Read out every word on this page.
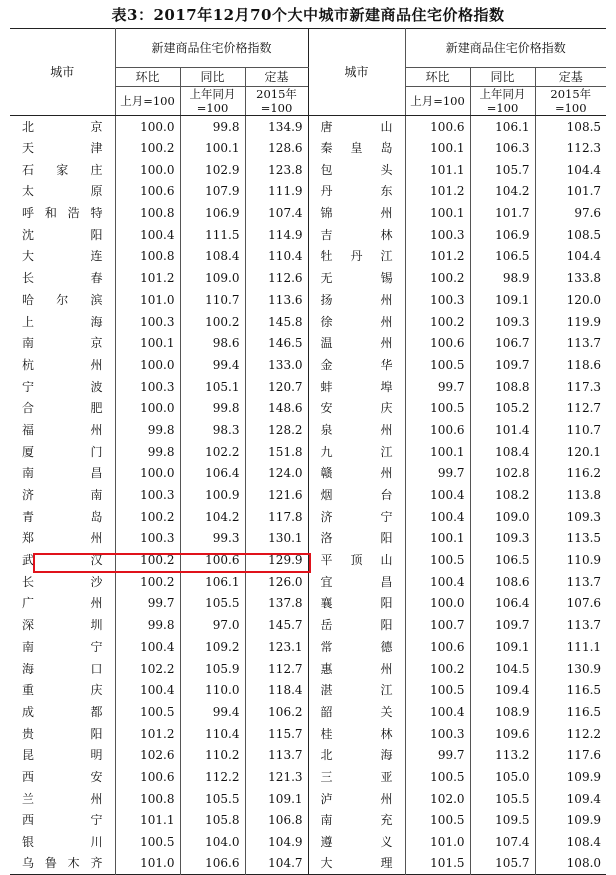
表3：2017年12月70个大中城市新建商品住宅价格指数
城市	新建商品住宅价格指数			城市	新建商品住宅价格指数		
	环比	同比	定基		环比	同比	定基
	上月=100	上年同月=100	2015年=100		上月=100	上年同月=100	2015年=100
北京	100.0	99.8	134.9	唐山	100.6	106.1	108.5
天津	100.2	100.1	128.6	秦皇岛	100.1	106.3	112.3
石家庄	100.0	102.9	123.8	包头	101.1	105.7	104.4
太原	100.6	107.9	111.9	丹东	101.2	104.2	101.7
呼和浩特	100.8	106.9	107.4	锦州	100.1	101.7	97.6
沈阳	100.4	111.5	114.9	吉林	100.3	106.9	108.5
大连	100.8	108.4	110.4	牡丹江	101.2	106.5	104.4
长春	101.2	109.0	112.6	无锡	100.2	98.9	133.8
哈尔滨	101.0	110.7	113.6	扬州	100.3	109.1	120.0
上海	100.3	100.2	145.8	徐州	100.2	109.3	119.9
南京	100.1	98.6	146.5	温州	100.6	106.7	113.7
杭州	100.0	99.4	133.0	金华	100.5	109.7	118.6
宁波	100.3	105.1	120.7	蚌埠	99.7	108.8	117.3
合肥	100.0	99.8	148.6	安庆	100.5	105.2	112.7
福州	99.8	98.3	128.2	泉州	100.6	101.4	110.7
厦门	99.8	102.2	151.8	九江	100.1	108.4	120.1
南昌	100.0	106.4	124.0	赣州	99.7	102.8	116.2
济南	100.3	100.9	121.6	烟台	100.4	108.2	113.8
青岛	100.2	104.2	117.8	济宁	100.4	109.0	109.3
郑州	100.3	99.3	130.1	洛阳	100.1	109.3	113.5
武汉	100.2	100.6	129.9	平顶山	100.5	106.5	110.9
长沙	100.2	106.1	126.0	宜昌	100.4	108.6	113.7
广州	99.7	105.5	137.8	襄阳	100.0	106.4	107.6
深圳	99.8	97.0	145.7	岳阳	100.7	109.7	113.7
南宁	100.4	109.2	123.1	常德	100.6	109.1	111.1
海口	102.2	105.9	112.7	惠州	100.2	104.5	130.9
重庆	100.4	110.0	118.4	湛江	100.5	109.4	116.5
成都	100.5	99.4	106.2	韶关	100.4	108.9	116.5
贵阳	101.2	110.4	115.7	桂林	100.3	109.6	112.2
昆明	102.6	110.2	113.7	北海	99.7	113.2	117.6
西安	100.6	112.2	121.3	三亚	100.5	105.0	109.9
兰州	100.8	105.5	109.1	泸州	102.0	105.5	109.4
西宁	101.1	105.8	106.8	南充	100.5	109.5	109.9
银川	100.5	104.0	104.9	遵义	101.0	107.4	108.4
乌鲁木齐	101.0	106.6	104.7	大理	101.5	105.7	108.0
